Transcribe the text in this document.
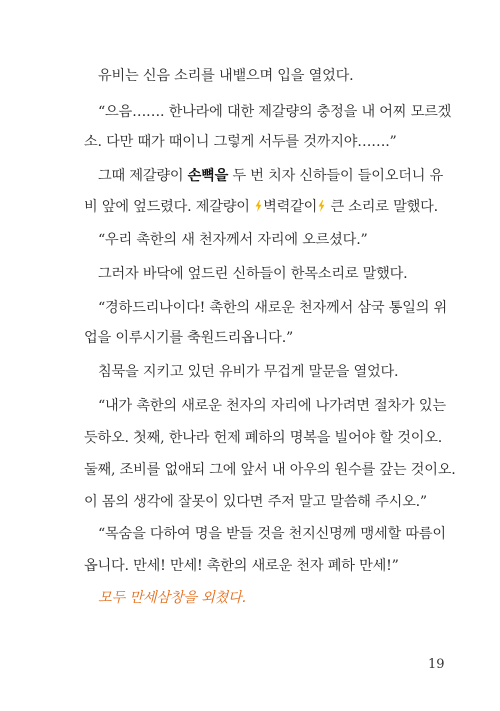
유비는 신음 소리를 내뱉으며 입을 열었다.
“으음……. 한나라에 대한 제갈량의 충정을 내 어찌 모르겠
소. 다만 때가 때이니 그렇게 서두를 것까지야…….”
그때 제갈량이 손뼉을 두 번 치자 신하들이 들이오더니 유
비 앞에 엎드렸다. 제갈량이 벽력같이 큰 소리로 말했다.
“우리 촉한의 새 천자께서 자리에 오르셨다.”
그러자 바닥에 엎드린 신하들이 한목소리로 말했다.
“경하드리나이다! 촉한의 새로운 천자께서 삼국 통일의 위
업을 이루시기를 축원드리옵니다.”
침묵을 지키고 있던 유비가 무겁게 말문을 열었다.
“내가 촉한의 새로운 천자의 자리에 나가려면 절차가 있는
듯하오. 첫째, 한나라 헌제 폐하의 명복을 빌어야 할 것이오.
둘째, 조비를 없애되 그에 앞서 내 아우의 원수를 갚는 것이오.
이 몸의 생각에 잘못이 있다면 주저 말고 말씀해 주시오.”
“목숨을 다하여 명을 받들 것을 천지신명께 맹세할 따름이
옵니다. 만세! 만세! 촉한의 새로운 천자 폐하 만세!”
모두 만세삼창을 외쳤다.
19
